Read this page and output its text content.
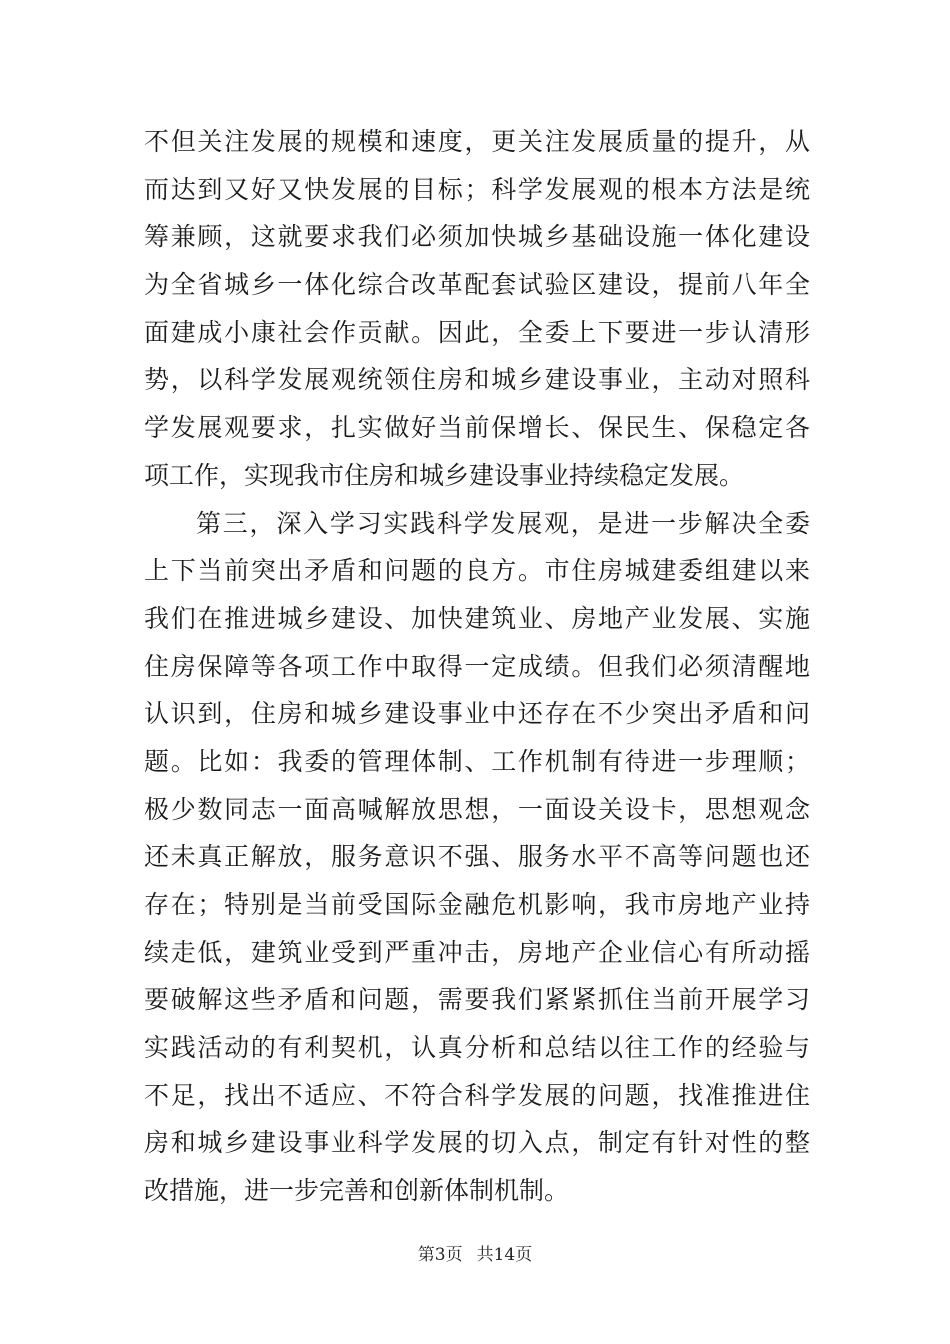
不但关注发展的规模和速度，更关注发展质量的提升，从
而达到又好又快发展的目标；科学发展观的根本方法是统
筹兼顾，这就要求我们必须加快城乡基础设施一体化建设
为全省城乡一体化综合改革配套试验区建设，提前八年全
面建成小康社会作贡献。因此，全委上下要进一步认清形
势，以科学发展观统领住房和城乡建设事业，主动对照科
学发展观要求，扎实做好当前保增长、保民生、保稳定各
项工作，实现我市住房和城乡建设事业持续稳定发展。
第三，深入学习实践科学发展观，是进一步解决全委
上下当前突出矛盾和问题的良方。市住房城建委组建以来
我们在推进城乡建设、加快建筑业、房地产业发展、实施
住房保障等各项工作中取得一定成绩。但我们必须清醒地
认识到，住房和城乡建设事业中还存在不少突出矛盾和问
题。比如：我委的管理体制、工作机制有待进一步理顺；
极少数同志一面高喊解放思想，一面设关设卡，思想观念
还未真正解放，服务意识不强、服务水平不高等问题也还
存在；特别是当前受国际金融危机影响，我市房地产业持
续走低，建筑业受到严重冲击，房地产企业信心有所动摇
要破解这些矛盾和问题，需要我们紧紧抓住当前开展学习
实践活动的有利契机，认真分析和总结以往工作的经验与
不足，找出不适应、不符合科学发展的问题，找准推进住
房和城乡建设事业科学发展的切入点，制定有针对性的整
改措施，进一步完善和创新体制机制。
第3页 共14页
